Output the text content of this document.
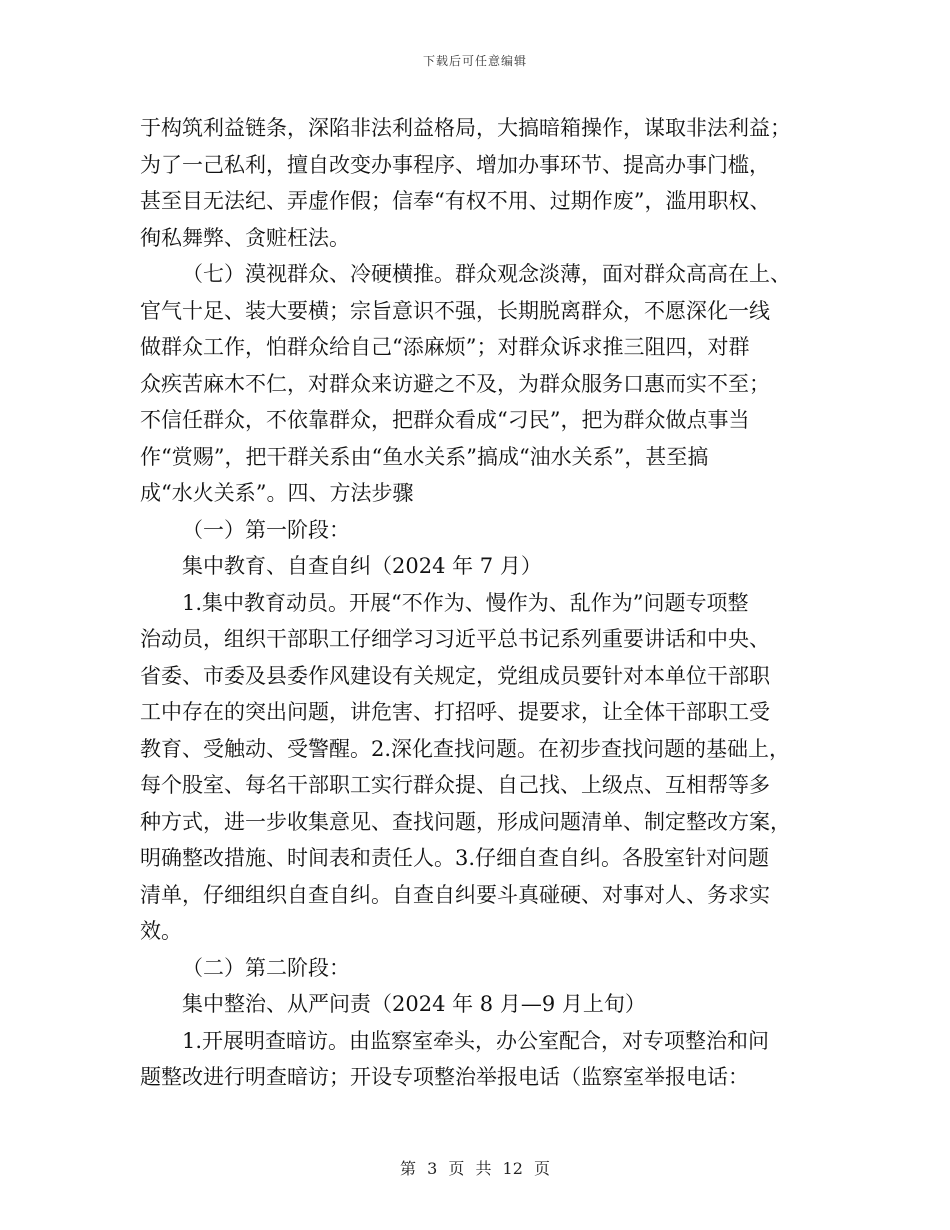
下载后可任意编辑
于构筑利益链条，深陷非法利益格局，大搞暗箱操作，谋取非法利益；
为了一己私利，擅自改变办事程序、增加办事环节、提高办事门槛，
甚至目无法纪、弄虚作假；信奉“有权不用、过期作废”，滥用职权、
徇私舞弊、贪赃枉法。
（七）漠视群众、冷硬横推。群众观念淡薄，面对群众高高在上、
官气十足、装大要横；宗旨意识不强，长期脱离群众，不愿深化一线
做群众工作，怕群众给自己“添麻烦”；对群众诉求推三阻四，对群
众疾苦麻木不仁，对群众来访避之不及，为群众服务口惠而实不至；
不信任群众，不依靠群众，把群众看成“刁民”，把为群众做点事当
作“赏赐”，把干群关系由“鱼水关系”搞成“油水关系”，甚至搞
成“水火关系”。四、方法步骤
（一）第一阶段：
集中教育、自查自纠（2024 年 7 月）
1.集中教育动员。开展“不作为、慢作为、乱作为”问题专项整
治动员，组织干部职工仔细学习习近平总书记系列重要讲话和中央、
省委、市委及县委作风建设有关规定，党组成员要针对本单位干部职
工中存在的突出问题，讲危害、打招呼、提要求，让全体干部职工受
教育、受触动、受警醒。2.深化查找问题。在初步查找问题的基础上，
每个股室、每名干部职工实行群众提、自己找、上级点、互相帮等多
种方式，进一步收集意见、查找问题，形成问题清单、制定整改方案，
明确整改措施、时间表和责任人。3.仔细自查自纠。各股室针对问题
清单，仔细组织自查自纠。自查自纠要斗真碰硬、对事对人、务求实
效。
（二）第二阶段：
集中整治、从严问责（2024 年 8 月—9 月上旬）
1.开展明查暗访。由监察室牵头，办公室配合，对专项整治和问
题整改进行明查暗访；开设专项整治举报电话（监察室举报电话：
第 3 页 共 12 页
